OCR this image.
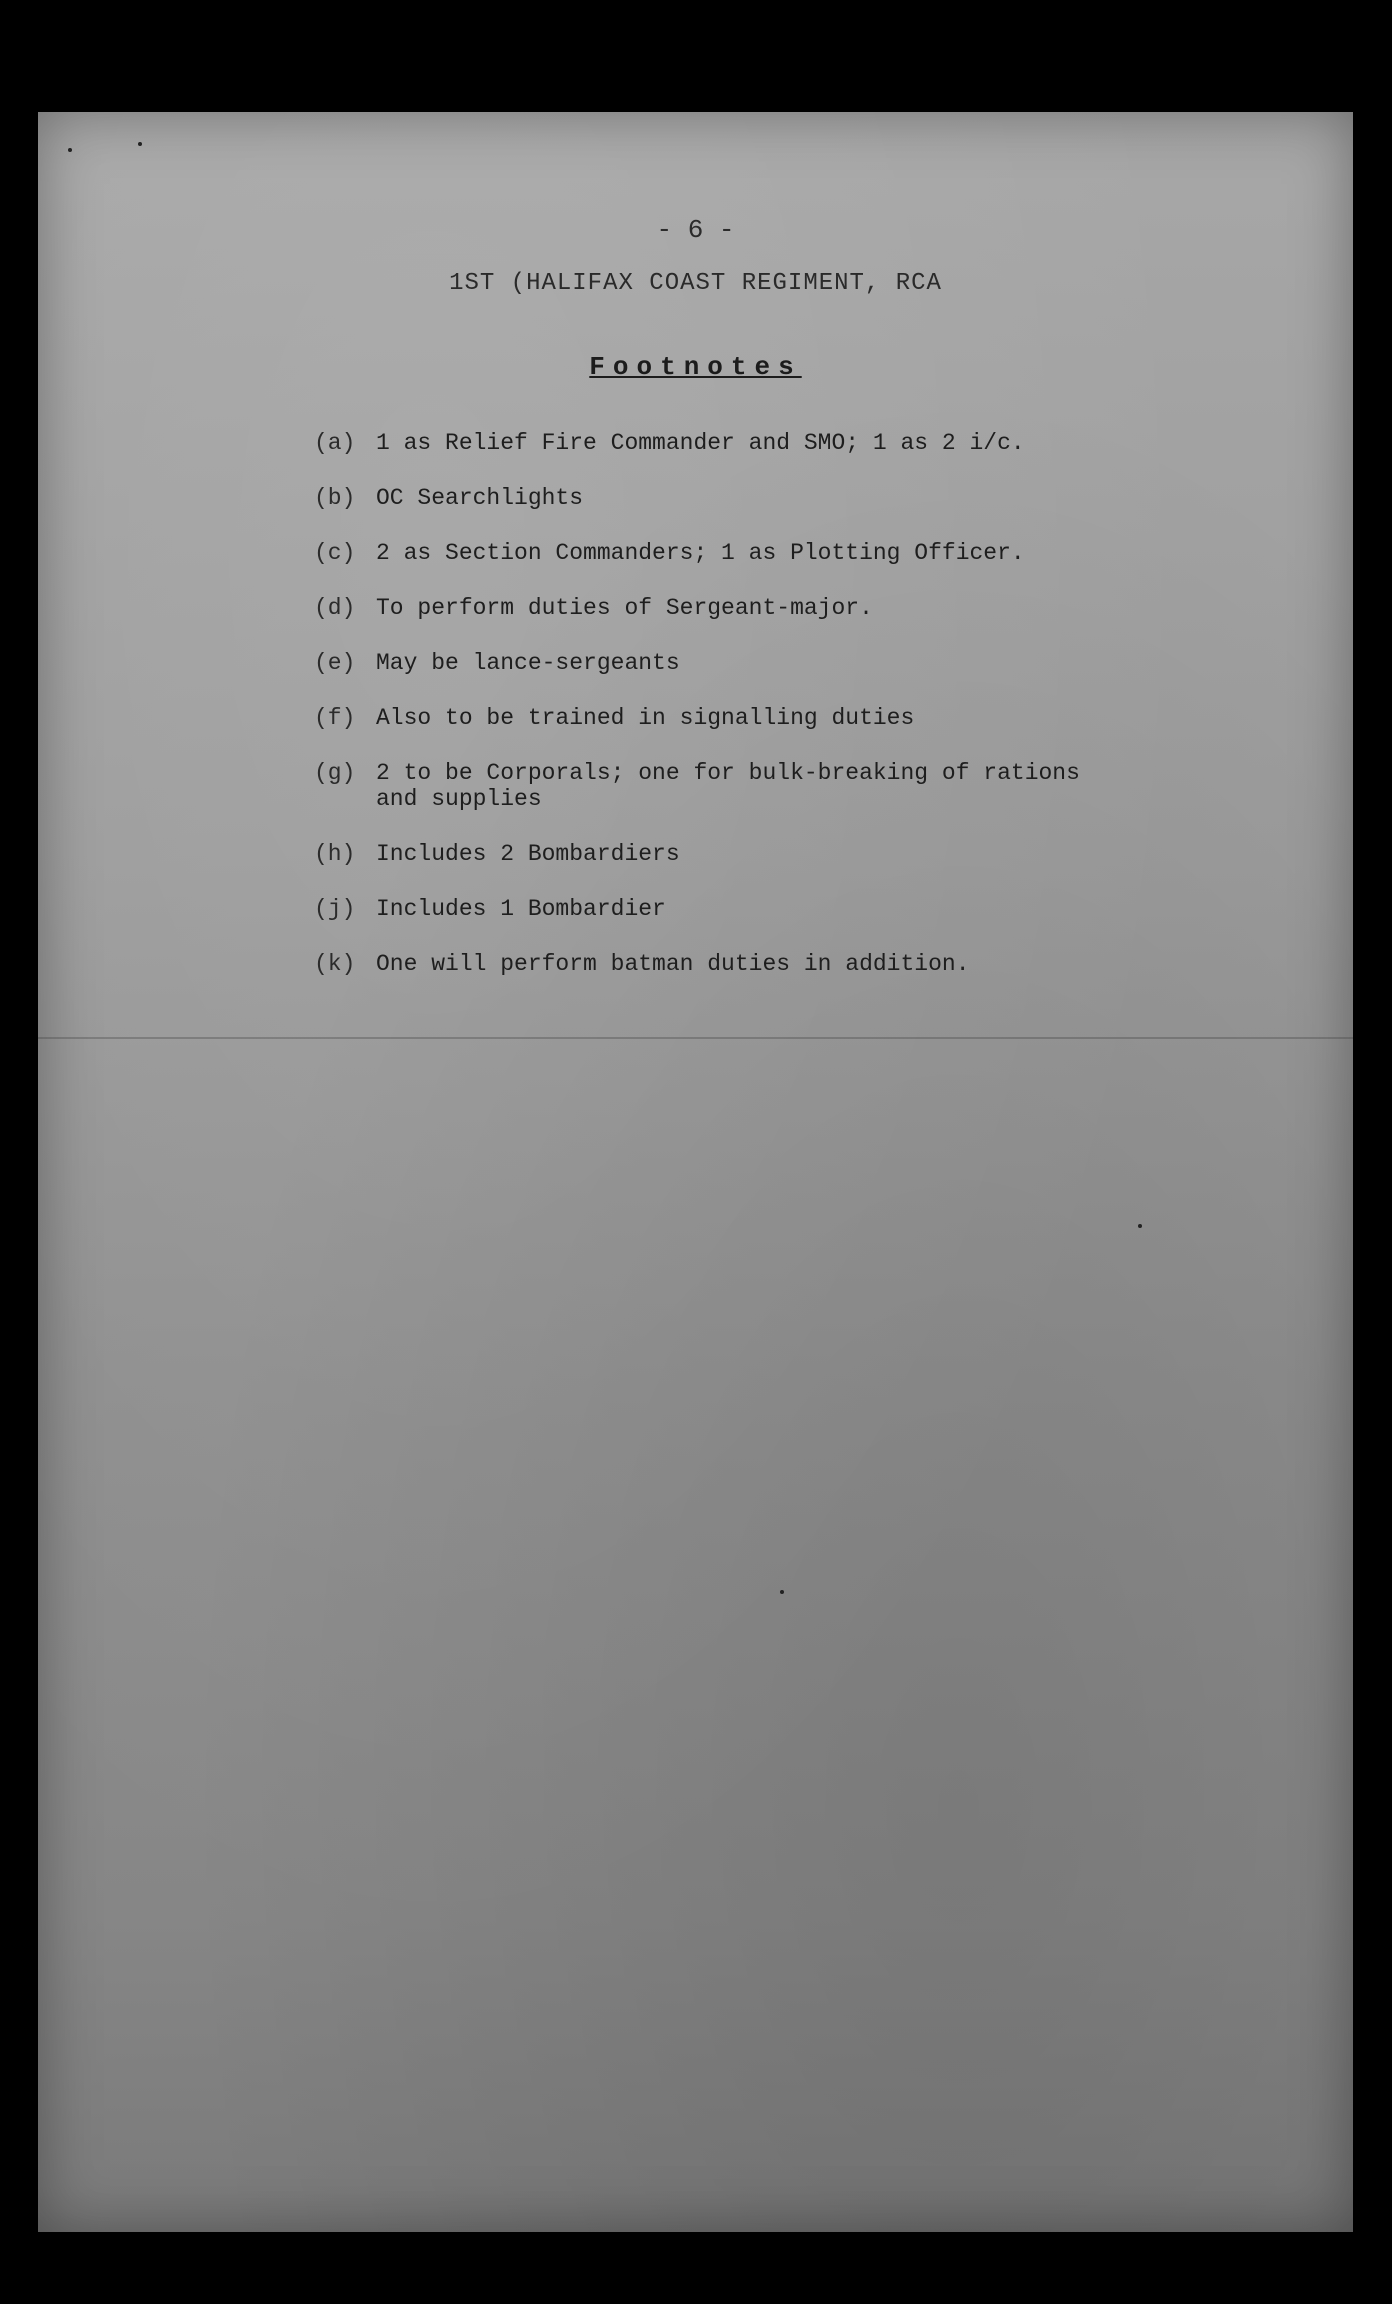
- 6 -
1ST (HALIFAX COAST REGIMENT, RCA
Footnotes
(a) 1 as Relief Fire Commander and SMO; 1 as 2 i/c.
(b) OC Searchlights
(c) 2 as Section Commanders; 1 as Plotting Officer.
(d) To perform duties of Sergeant-major.
(e) May be lance-sergeants
(f) Also to be trained in signalling duties
(g) 2 to be Corporals; one for bulk-breaking of rations
and supplies
(h) Includes 2 Bombardiers
(j) Includes 1 Bombardier
(k) One will perform batman duties in addition.
